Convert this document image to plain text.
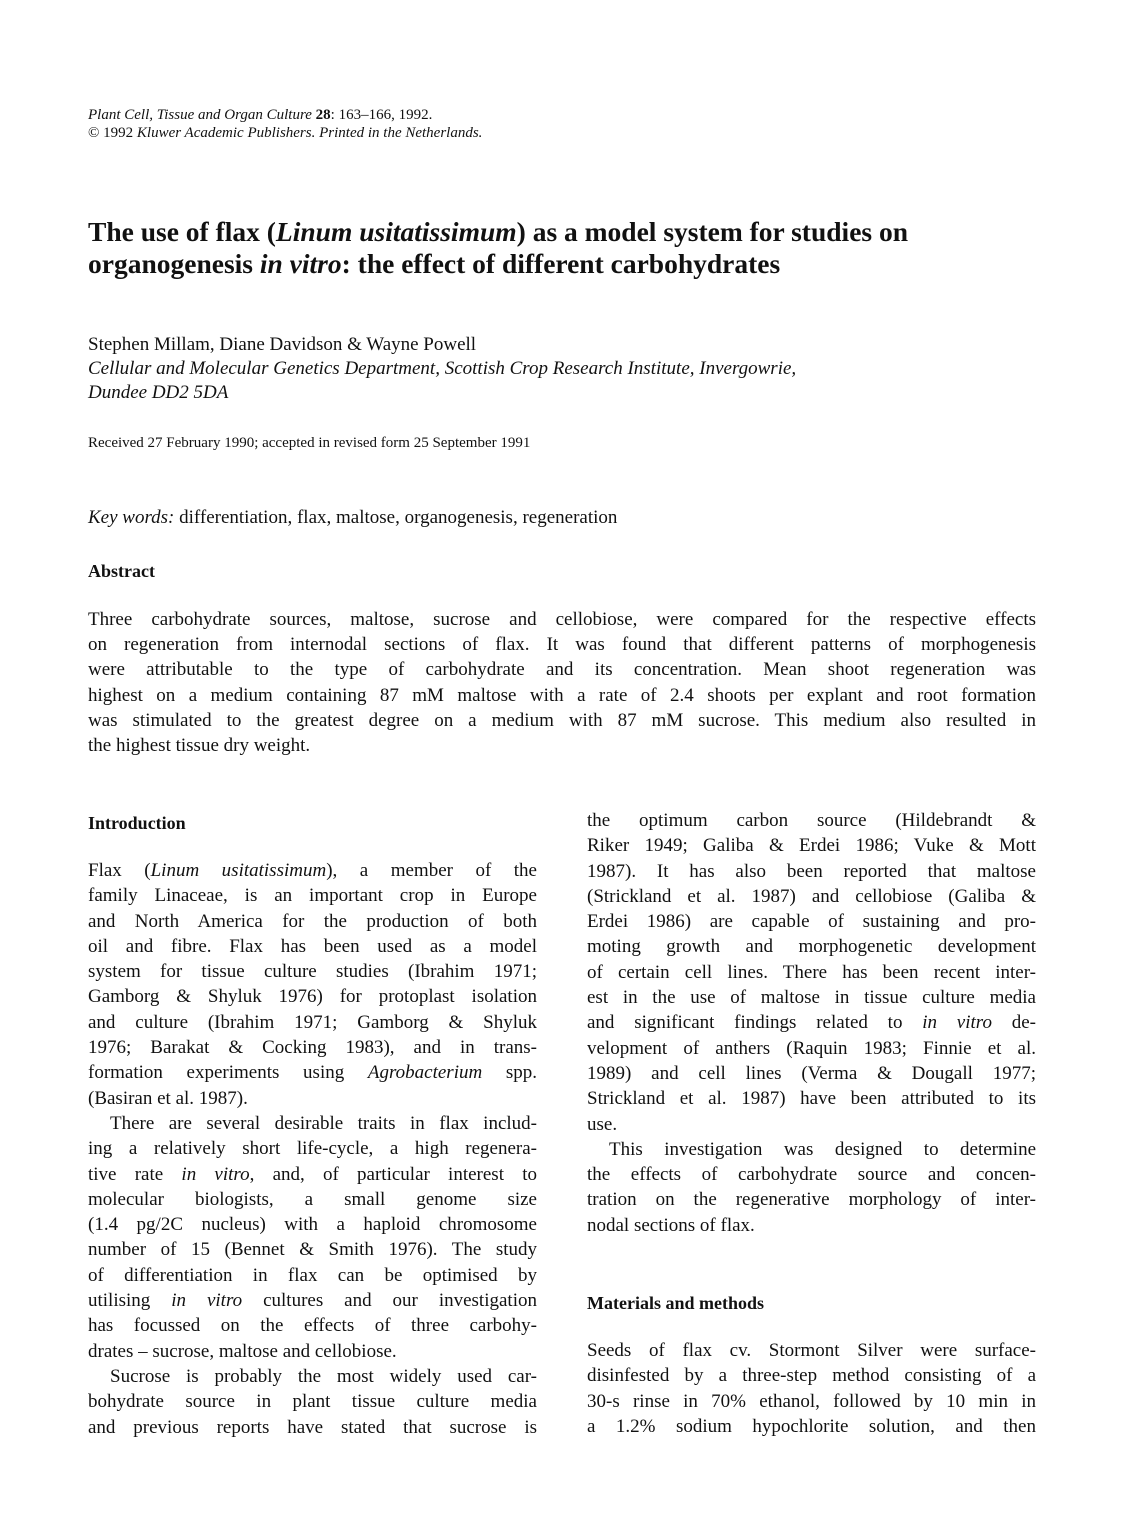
Plant Cell, Tissue and Organ Culture 28: 163–166, 1992.
© 1992 Kluwer Academic Publishers. Printed in the Netherlands.
The use of flax (Linum usitatissimum) as a model system for studies on
organogenesis in vitro: the effect of different carbohydrates
Stephen Millam, Diane Davidson & Wayne Powell
Cellular and Molecular Genetics Department, Scottish Crop Research Institute, Invergowrie,
Dundee DD2 5DA
Received 27 February 1990; accepted in revised form 25 September 1991
Key words: differentiation, flax, maltose, organogenesis, regeneration
Abstract
Three carbohydrate sources, maltose, sucrose and cellobiose, were compared for the respective effects
on regeneration from internodal sections of flax. It was found that different patterns of morphogenesis
were attributable to the type of carbohydrate and its concentration. Mean shoot regeneration was
highest on a medium containing 87 mM maltose with a rate of 2.4 shoots per explant and root formation
was stimulated to the greatest degree on a medium with 87 mM sucrose. This medium also resulted in
the highest tissue dry weight.
Introduction
Flax (Linum usitatissimum), a member of the
family Linaceae, is an important crop in Europe
and North America for the production of both
oil and fibre. Flax has been used as a model
system for tissue culture studies (Ibrahim 1971;
Gamborg & Shyluk 1976) for protoplast isolation
and culture (Ibrahim 1971; Gamborg & Shyluk
1976; Barakat & Cocking 1983), and in trans-
formation experiments using Agrobacterium spp.
(Basiran et al. 1987).
There are several desirable traits in flax includ-
ing a relatively short life-cycle, a high regenera-
tive rate in vitro, and, of particular interest to
molecular biologists, a small genome size
(1.4 pg/2C nucleus) with a haploid chromosome
number of 15 (Bennet & Smith 1976). The study
of differentiation in flax can be optimised by
utilising in vitro cultures and our investigation
has focussed on the effects of three carbohy-
drates – sucrose, maltose and cellobiose.
Sucrose is probably the most widely used car-
bohydrate source in plant tissue culture media
and previous reports have stated that sucrose is
the optimum carbon source (Hildebrandt &
Riker 1949; Galiba & Erdei 1986; Vuke & Mott
1987). It has also been reported that maltose
(Strickland et al. 1987) and cellobiose (Galiba &
Erdei 1986) are capable of sustaining and pro-
moting growth and morphogenetic development
of certain cell lines. There has been recent inter-
est in the use of maltose in tissue culture media
and significant findings related to in vitro de-
velopment of anthers (Raquin 1983; Finnie et al.
1989) and cell lines (Verma & Dougall 1977;
Strickland et al. 1987) have been attributed to its
use.
This investigation was designed to determine
the effects of carbohydrate source and concen-
tration on the regenerative morphology of inter-
nodal sections of flax.
Materials and methods
Seeds of flax cv. Stormont Silver were surface-
disinfested by a three-step method consisting of a
30-s rinse in 70% ethanol, followed by 10 min in
a 1.2% sodium hypochlorite solution, and then
